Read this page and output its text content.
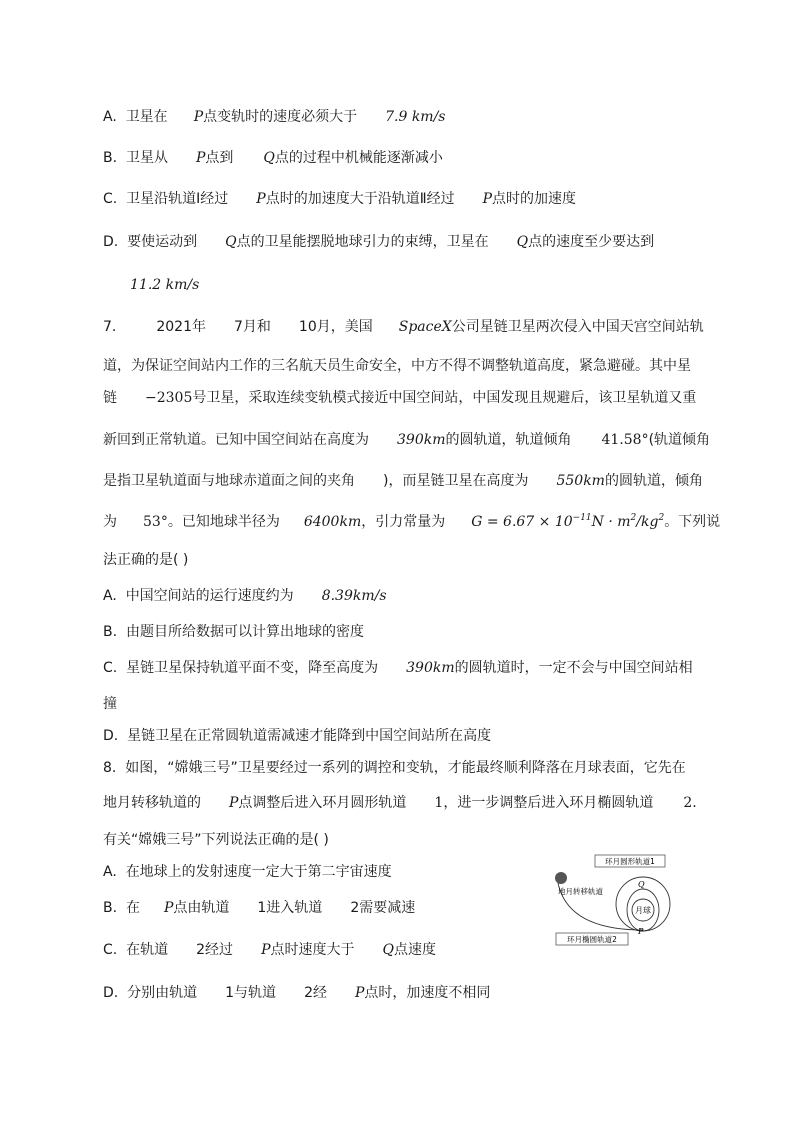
A. 卫星在 P点变轨时的速度必须大于 7.9 km/s
B. 卫星从 P点到 Q点的过程中机械能逐渐减小
C. 卫星沿轨道Ⅰ经过 P点时的加速度大于沿轨道Ⅱ经过 P点时的加速度
D. 要使运动到 Q点的卫星能摆脱地球引力的束缚，卫星在 Q点的速度至少要达到
11.2 km/s
7.	2021年 7月和 10月，美国 SpaceX公司星链卫星两次侵入中国天宫空间站轨
道，为保证空间站内工作的三名航天员生命安全，中方不得不调整轨道高度，紧急避碰。其中星
链 −2305号卫星，采取连续变轨模式接近中国空间站，中国发现且规避后，该卫星轨道又重
新回到正常轨道。已知中国空间站在高度为 390km的圆轨道，轨道倾角 41.58°(轨道倾角
是指卫星轨道面与地球赤道面之间的夹角 )，而星链卫星在高度为 550km的圆轨道，倾角
为 53°。已知地球半径为 6400km，引力常量为 $G = 6.67 \times 10^{-11}N \cdot m^2/kg^2$。下列说
法正确的是( )
A. 中国空间站的运行速度约为 8.39km/s
B. 由题目所给数据可以计算出地球的密度
C. 星链卫星保持轨道平面不变，降至高度为 390km的圆轨道时，一定不会与中国空间站相
撞
D. 星链卫星在正常圆轨道需减速才能降到中国空间站所在高度
8. 如图，“嫦娥三号”卫星要经过一系列的调控和变轨，才能最终顺利降落在月球表面，它先在
地月转移轨道的 P点调整后进入环月圆形轨道 1，进一步调整后进入环月椭圆轨道 2.
有关“嫦娥三号”下列说法正确的是( )
A. 在地球上的发射速度一定大于第二宇宙速度
B. 在 P点由轨道 1进入轨道 2需要减速
C. 在轨道 2经过 P点时速度大于 Q点速度
D. 分别由轨道 1与轨道 2经 P点时，加速度不相同
月球
环月圆形轨道1
地月转移轨道
Q
P
环月椭圆轨道2
